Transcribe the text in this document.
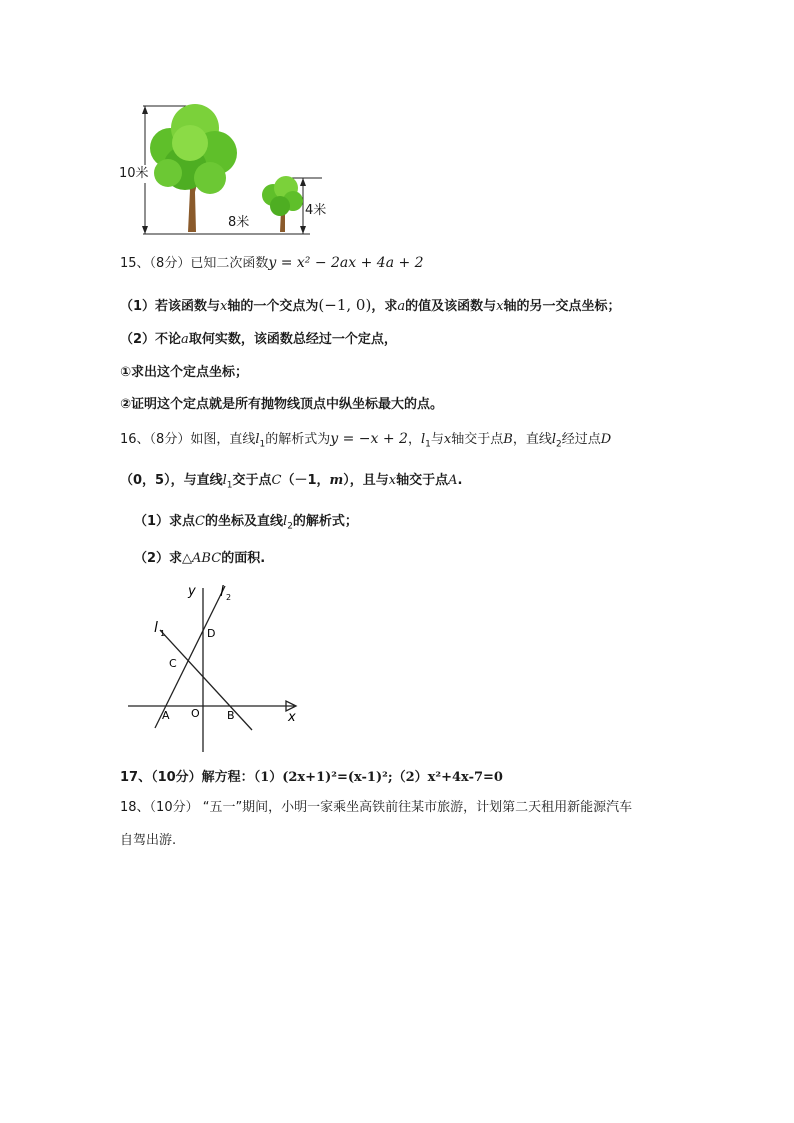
10米
8米
4米
15、（8分）已知二次函数y = x² − 2ax + 4a + 2
（1）若该函数与x轴的一个交点为(−1, 0)，求a的值及该函数与x轴的另一交点坐标；
（2）不论a取何实数，该函数总经过一个定点，
①求出这个定点坐标；
②证明这个定点就是所有抛物线顶点中纵坐标最大的点。
16、（8分）如图，直线$l_1$的解析式为y = −x + 2，$l_1$与x轴交于点B，直线$l_2$经过点D
（0，5），与直线$l_1$交于点C（－1，m），且与x轴交于点A.
（1）求点C的坐标及直线$l_2$的解析式；
（2）求△ABC的面积.
y
x
l 2
l 1	D
C
A O B
17、（10分）解方程：（1）(2x+1)²=(x-1)²;（2）x²+4x-7=0
18、（10分） “五一”期间，小明一家乘坐高铁前往某市旅游，计划第二天租用新能源汽车
自驾出游.
